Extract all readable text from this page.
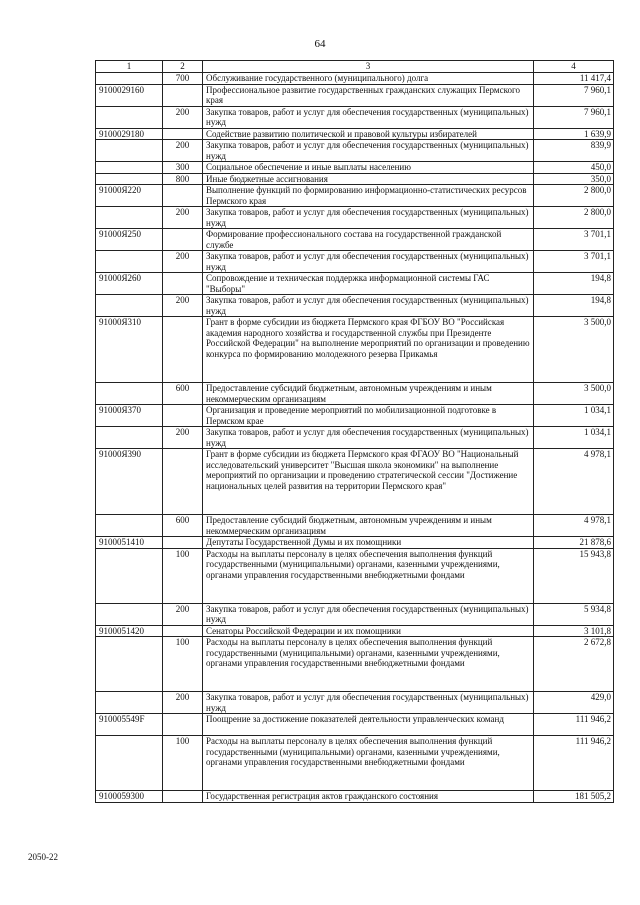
64
1	2	3	4
	700	Обслуживание государственного (муниципального) долга	11 417,4
9100029160		Профессиональное развитие государственных гражданских служащих Пермского края	7 960,1
	200	Закупка товаров, работ и услуг для обеспечения государственных (муниципальных) нужд	7 960,1
9100029180		Содействие развитию политической и правовой культуры избирателей	1 639,9
	200	Закупка товаров, работ и услуг для обеспечения государственных (муниципальных) нужд	839,9
	300	Социальное обеспечение и иные выплаты населению	450,0
	800	Иные бюджетные ассигнования	350,0
91000Я220		Выполнение функций по формированию информационно-статистических ресурсов Пермского края	2 800,0
	200	Закупка товаров, работ и услуг для обеспечения государственных (муниципальных) нужд	2 800,0
91000Я250		Формирование профессионального состава на государственной гражданской службе	3 701,1
	200	Закупка товаров, работ и услуг для обеспечения государственных (муниципальных) нужд	3 701,1
91000Я260		Сопровождение и техническая поддержка информационной системы ГАС "Выборы"	194,8
	200	Закупка товаров, работ и услуг для обеспечения государственных (муниципальных) нужд	194,8
91000Я310		Грант в форме субсидии из бюджета Пермского края ФГБОУ ВО "Российская академия народного хозяйства и государственной службы при Президенте Российской Федерации" на выполнение мероприятий по организации и проведению конкурса по формированию молодежного резерва Прикамья	3 500,0
	600	Предоставление субсидий бюджетным, автономным учреждениям и иным некоммерческим организациям	3 500,0
91000Я370		Организация и проведение мероприятий по мобилизационной подготовке в Пермском крае	1 034,1
	200	Закупка товаров, работ и услуг для обеспечения государственных (муниципальных) нужд	1 034,1
91000Я390		Грант в форме субсидии из бюджета Пермского края ФГАОУ ВО "Национальный исследовательский университет "Высшая школа экономики" на выполнение мероприятий по организации и проведению стратегической сессии "Достижение национальных целей развития на территории Пермского края"	4 978,1
	600	Предоставление субсидий бюджетным, автономным учреждениям и иным некоммерческим организациям	4 978,1
9100051410		Депутаты Государственной Думы и их помощники	21 878,6
	100	Расходы на выплаты персоналу в целях обеспечения выполнения функций государственными (муниципальными) органами, казенными учреждениями, органами управления государственными внебюджетными фондами	15 943,8
	200	Закупка товаров, работ и услуг для обеспечения государственных (муниципальных) нужд	5 934,8
9100051420		Сенаторы Российской Федерации и их помощники	3 101,8
	100	Расходы на выплаты персоналу в целях обеспечения выполнения функций государственными (муниципальными) органами, казенными учреждениями, органами управления государственными внебюджетными фондами	2 672,8
	200	Закупка товаров, работ и услуг для обеспечения государственных (муниципальных) нужд	429,0
910005549F		Поощрение за достижение показателей деятельности управленческих команд	111 946,2
	100	Расходы на выплаты персоналу в целях обеспечения выполнения функций государственными (муниципальными) органами, казенными учреждениями, органами управления государственными внебюджетными фондами	111 946,2
9100059300		Государственная регистрация актов гражданского состояния	181 505,2
2050-22
